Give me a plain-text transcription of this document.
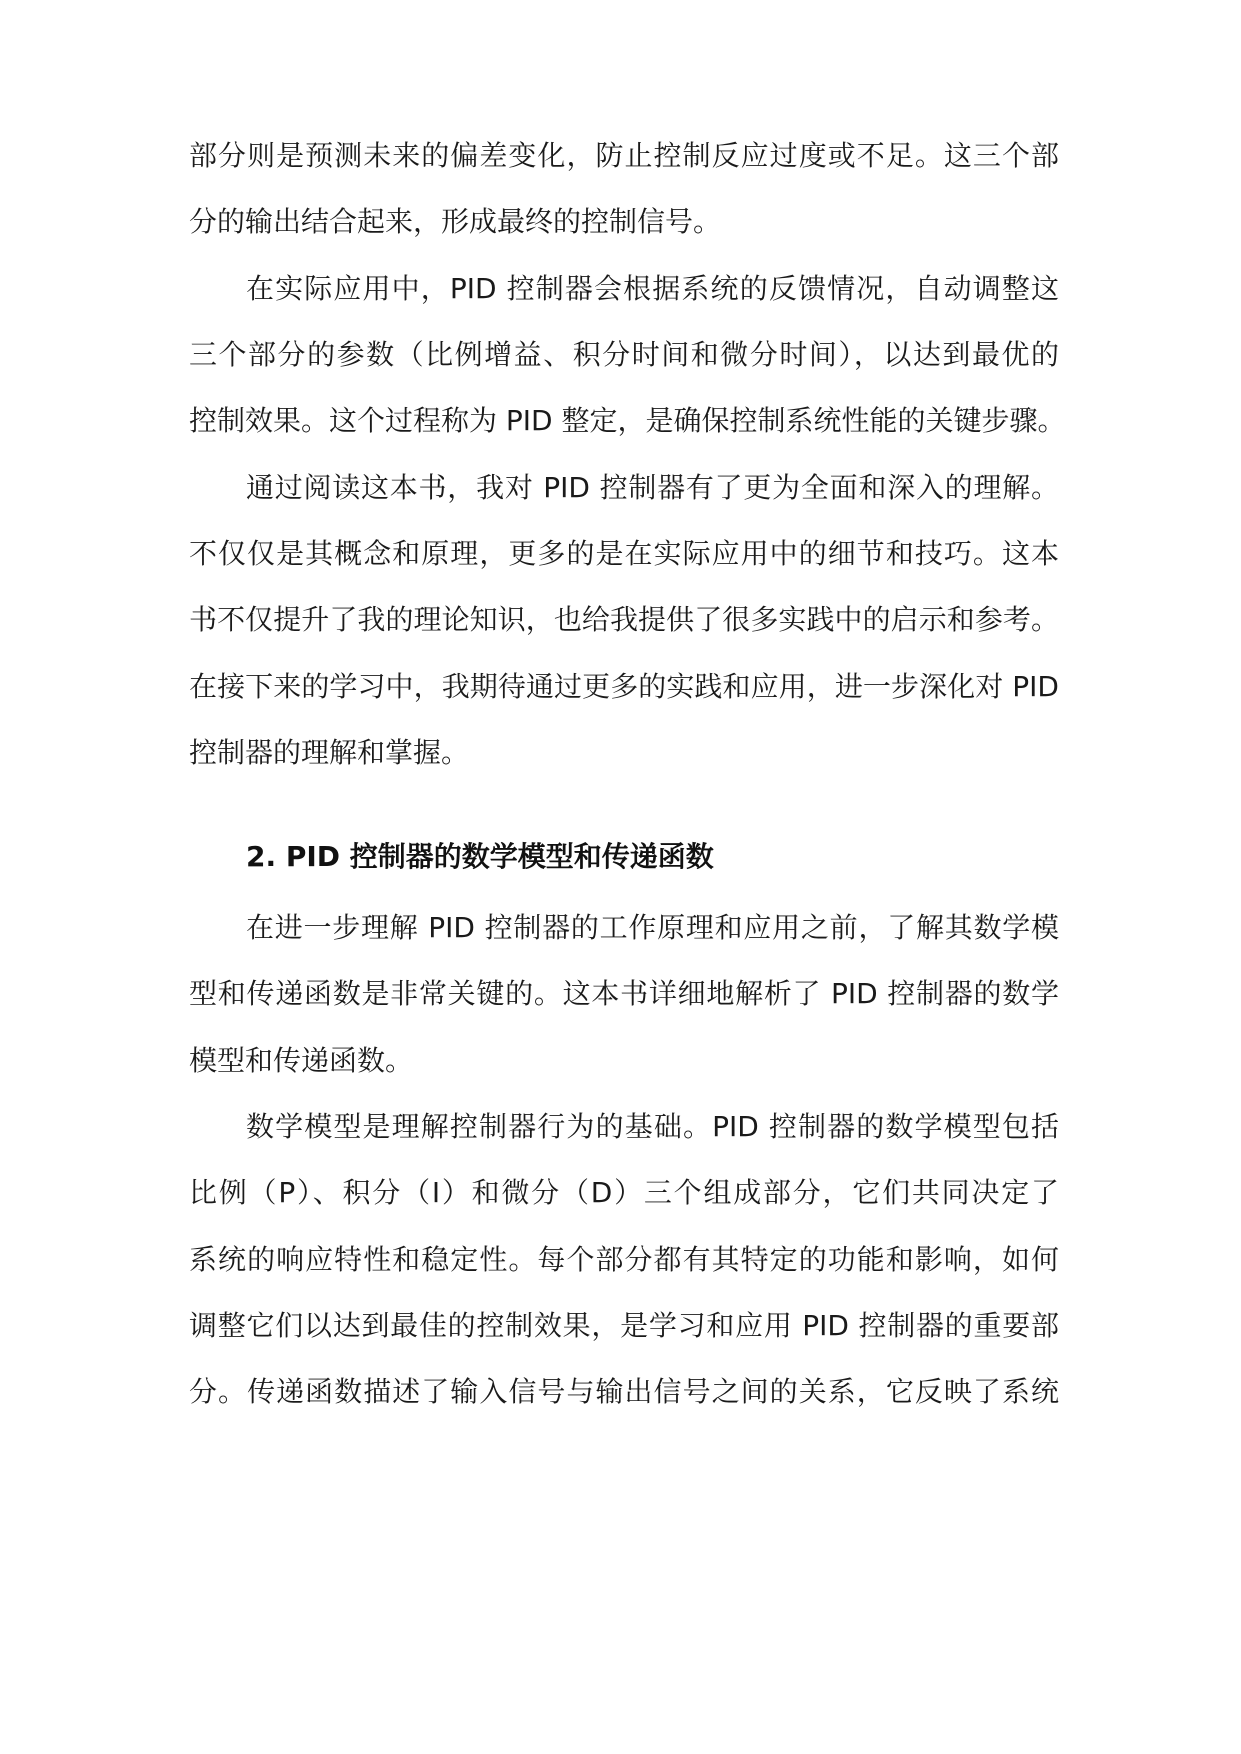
部分则是预测未来的偏差变化，防止控制反应过度或不足。这三个部
分的输出结合起来，形成最终的控制信号。
在实际应用中，PID 控制器会根据系统的反馈情况，自动调整这
三个部分的参数（比例增益、积分时间和微分时间），以达到最优的
控制效果。这个过程称为 PID 整定，是确保控制系统性能的关键步骤。
通过阅读这本书，我对 PID 控制器有了更为全面和深入的理解。
不仅仅是其概念和原理，更多的是在实际应用中的细节和技巧。这本
书不仅提升了我的理论知识，也给我提供了很多实践中的启示和参考。
在接下来的学习中，我期待通过更多的实践和应用，进一步深化对 PID
控制器的理解和掌握。
2. PID 控制器的数学模型和传递函数
在进一步理解 PID 控制器的工作原理和应用之前，了解其数学模
型和传递函数是非常关键的。这本书详细地解析了 PID 控制器的数学
模型和传递函数。
数学模型是理解控制器行为的基础。PID 控制器的数学模型包括
比例（P）、积分（I）和微分（D）三个组成部分，它们共同决定了
系统的响应特性和稳定性。每个部分都有其特定的功能和影响，如何
调整它们以达到最佳的控制效果，是学习和应用 PID 控制器的重要部
分。传递函数描述了输入信号与输出信号之间的关系，它反映了系统
